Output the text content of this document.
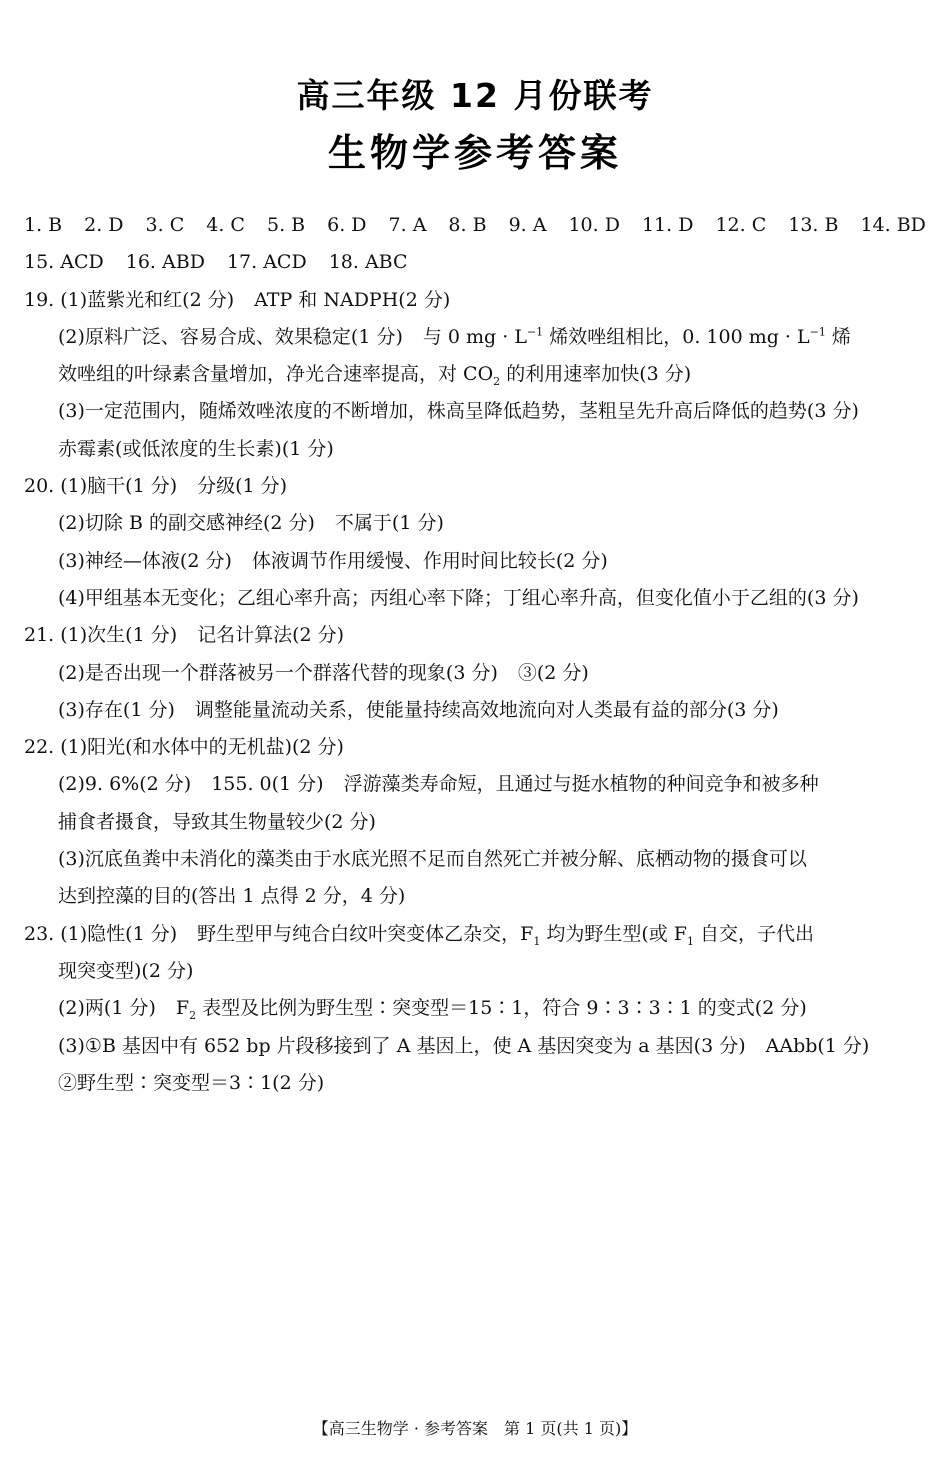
高三年级 12 月份联考
生物学参考答案
1. B 2. D 3. C 4. C 5. B 6. D 7. A 8. B 9. A 10. D 11. D 12. C 13. B 14. BD
15. ACD 16. ABD 17. ACD 18. ABC
19. (1)蓝紫光和红(2 分) ATP 和 NADPH(2 分)
(2)原料广泛、容易合成、效果稳定(1 分) 与 0 mg · $L^{-1}$ 烯效唑组相比，0. 100 mg · $L^{-1}$ 烯
效唑组的叶绿素含量增加，净光合速率提高，对 $CO_2$ 的利用速率加快(3 分)
(3)一定范围内，随烯效唑浓度的不断增加，株高呈降低趋势，茎粗呈先升高后降低的趋势(3 分)
赤霉素(或低浓度的生长素)(1 分)
20. (1)脑干(1 分) 分级(1 分)
(2)切除 B 的副交感神经(2 分) 不属于(1 分)
(3)神经—体液(2 分) 体液调节作用缓慢、作用时间比较长(2 分)
(4)甲组基本无变化；乙组心率升高；丙组心率下降；丁组心率升高，但变化值小于乙组的(3 分)
21. (1)次生(1 分) 记名计算法(2 分)
(2)是否出现一个群落被另一个群落代替的现象(3 分) ③(2 分)
(3)存在(1 分) 调整能量流动关系，使能量持续高效地流向对人类最有益的部分(3 分)
22. (1)阳光(和水体中的无机盐)(2 分)
(2)9. 6%(2 分) 155. 0(1 分) 浮游藻类寿命短，且通过与挺水植物的种间竞争和被多种
捕食者摄食，导致其生物量较少(2 分)
(3)沉底鱼粪中未消化的藻类由于水底光照不足而自然死亡并被分解、底栖动物的摄食可以
达到控藻的目的(答出 1 点得 2 分，4 分)
23. (1)隐性(1 分) 野生型甲与纯合白纹叶突变体乙杂交，$F_1$ 均为野生型(或 $F_1$ 自交，子代出
现突变型)(2 分)
(2)两(1 分) $F_2$ 表型及比例为野生型∶突变型＝15∶1，符合 9∶3∶3∶1 的变式(2 分)
(3)①B 基因中有 652 bp 片段移接到了 A 基因上，使 A 基因突变为 a 基因(3 分) AAbb(1 分)
②野生型∶突变型＝3∶1(2 分)
【高三生物学 · 参考答案　第 1 页(共 1 页)】
